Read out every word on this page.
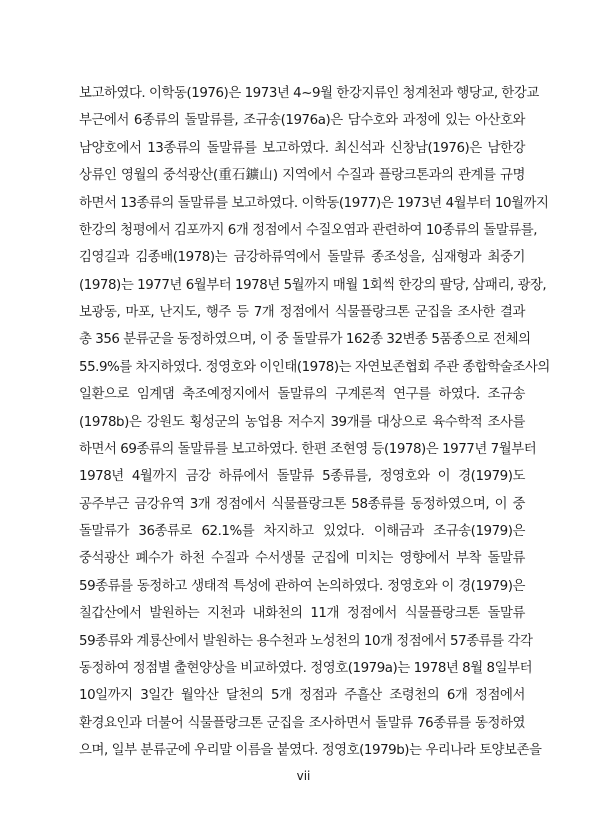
보고하였다. 이학동(1976)은 1973년 4~9월 한강지류인 청계천과 행당교, 한강교
부근에서 6종류의 돌말류를, 조규송(1976a)은 담수호와 과정에 있는 아산호와
남양호에서 13종류의 돌말류를 보고하였다. 최신석과 신창남(1976)은 남한강
상류인 영월의 중석광산(重石鑛山) 지역에서 수질과 플랑크톤과의 관계를 규명
하면서 13종류의 돌말류를 보고하였다. 이학동(1977)은 1973년 4월부터 10월까지
한강의 청평에서 김포까지 6개 정점에서 수질오염과 관련하여 10종류의 돌말류를,
김영길과 김종배(1978)는 금강하류역에서 돌말류 종조성을, 심재형과 최중기
(1978)는 1977년 6월부터 1978년 5월까지 매월 1회씩 한강의 팔당, 삼패리, 광장,
보광동, 마포, 난지도, 행주 등 7개 정점에서 식물플랑크톤 군집을 조사한 결과
총 356 분류군을 동정하였으며, 이 중 돌말류가 162종 32변종 5품종으로 전체의
55.9%를 차지하였다. 정영호와 이인태(1978)는 자연보존협회 주관 종합학술조사의
일환으로 임계댐 축조예정지에서 돌말류의 구계론적 연구를 하였다. 조규송
(1978b)은 강원도 횡성군의 농업용 저수지 39개를 대상으로 육수학적 조사를
하면서 69종류의 돌말류를 보고하였다. 한편 조현영 등(1978)은 1977년 7월부터
1978년 4월까지 금강 하류에서 돌말류 5종류를, 정영호와 이 경(1979)도
공주부근 금강유역 3개 정점에서 식물플랑크톤 58종류를 동정하였으며, 이 중
돌말류가 36종류로 62.1%를 차지하고 있었다. 이해금과 조규송(1979)은
중석광산 폐수가 하천 수질과 수서생물 군집에 미치는 영향에서 부착 돌말류
59종류를 동정하고 생태적 특성에 관하여 논의하였다. 정영호와 이 경(1979)은
칠갑산에서 발원하는 지천과 내화천의 11개 정점에서 식물플랑크톤 돌말류
59종류와 계룡산에서 발원하는 용수천과 노성천의 10개 정점에서 57종류를 각각
동정하여 정점별 출현양상을 비교하였다. 정영호(1979a)는 1978년 8월 8일부터
10일까지 3일간 월악산 달천의 5개 정점과 주흘산 조령천의 6개 정점에서
환경요인과 더불어 식물플랑크톤 군집을 조사하면서 돌말류 76종류를 동정하였
으며, 일부 분류군에 우리말 이름을 붙였다. 정영호(1979b)는 우리나라 토양보존을
vii
